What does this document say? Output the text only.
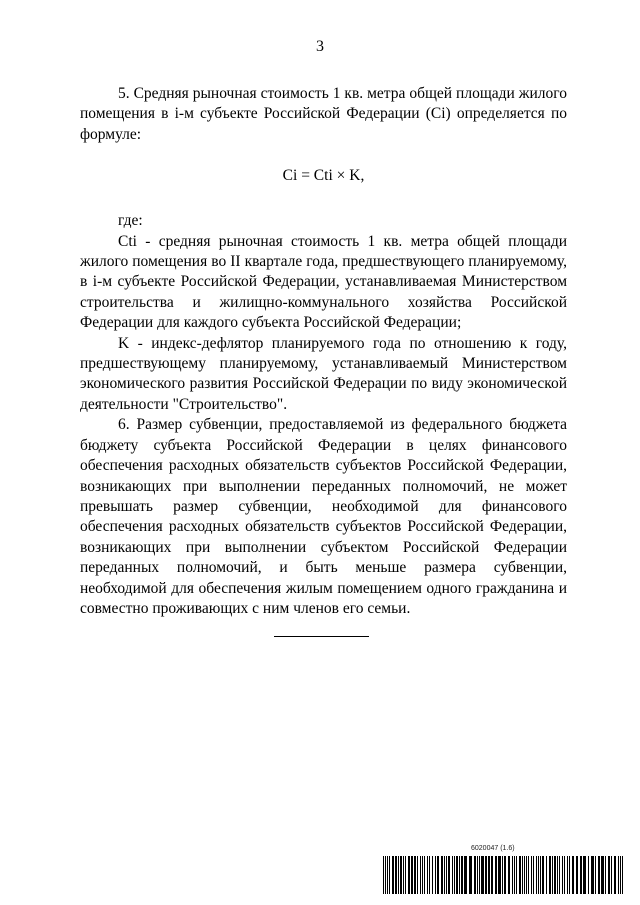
3

5. Средняя рыночная стоимость 1 кв. метра общей площади жилого помещения в i-м субъекте Российской Федерации (Ci) определяется по формуле:

Ci = Cti × K,

где:

Cti - средняя рыночная стоимость 1 кв. метра общей площади жилого помещения во II квартале года, предшествующего планируемому, в i-м субъекте Российской Федерации, устанавливаемая Министерством строительства и жилищно-коммунального хозяйства Российской Федерации для каждого субъекта Российской Федерации;

K - индекс-дефлятор планируемого года по отношению к году, предшествующему планируемому, устанавливаемый Министерством экономического развития Российской Федерации по виду экономической деятельности "Строительство".

6. Размер субвенции, предоставляемой из федерального бюджета бюджету субъекта Российской Федерации в целях финансового обеспечения расходных обязательств субъектов Российской Федерации, возникающих при выполнении переданных полномочий, не может превышать размер субвенции, необходимой для финансового обеспечения расходных обязательств субъектов Российской Федерации, возникающих при выполнении субъектом Российской Федерации переданных полномочий, и быть меньше размера субвенции, необходимой для обеспечения жилым помещением одного гражданина и совместно проживающих с ним членов его семьи.

6020047 (1.6)
